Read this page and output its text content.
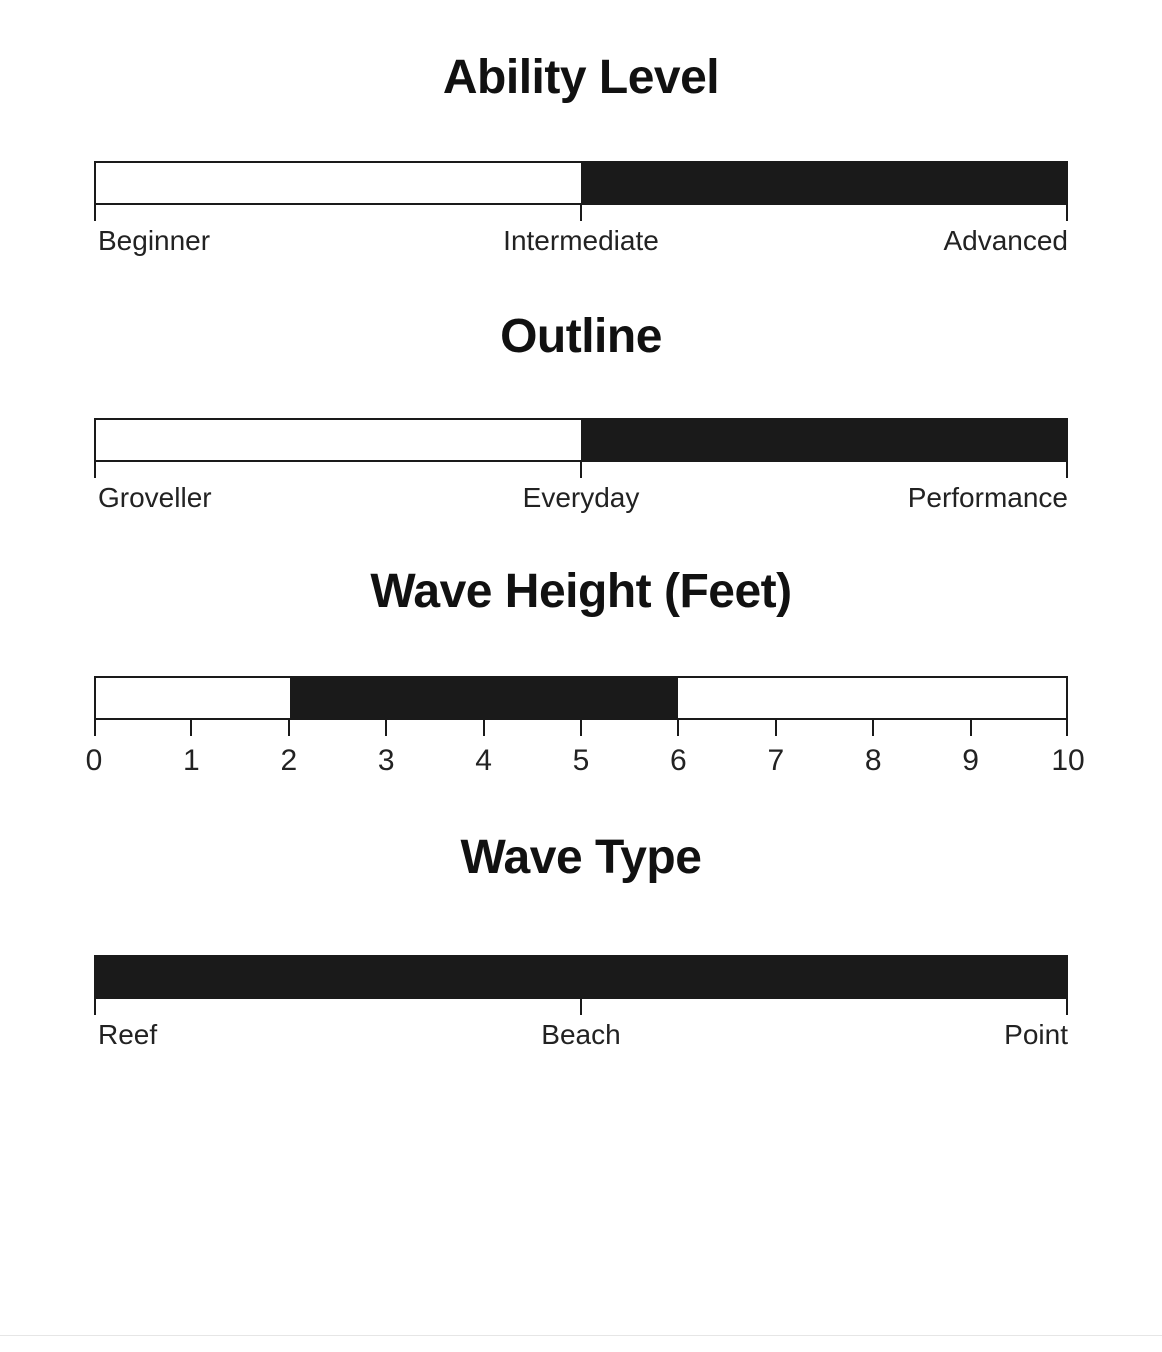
Ability Level
Beginner	Intermediate	Advanced
Outline
Groveller	Everyday	Performance
Wave Height (Feet)
0	1	2	3	4	5	6	7	8	9 10
Wave Type
Reef	Beach	Point
